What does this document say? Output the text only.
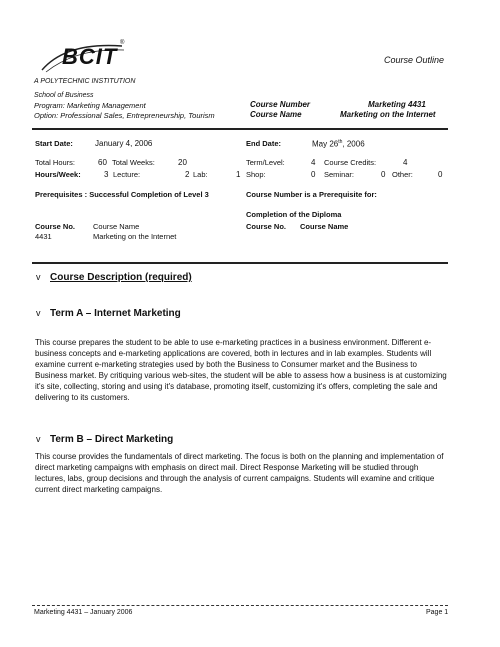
BCIT
®
A POLYTECHNIC INSTITUTION
Course Outline
School of Business
Program: Marketing Management
Option: Professional Sales, Entrepreneurship, Tourism
Course Number	Marketing 4431
Course Name	Marketing on the Internet
Start Date:	January 4, 2006	End Date:	May 26th, 2006
Total Hours:	60 Total Weeks:	20	Term/Level:	4 Course Credits:	4
Hours/Week:	3 Lecture:	2 Lab:	1 Shop:	0 Seminar:	0 Other:	0
Prerequisites : Successful Completion of Level 3	Course Number is a Prerequisite for:
Completion of the Diploma
Course No. Course Name
4431	Marketing on the Internet
Course No. Course Name
v Course Description (required)
v Term A – Internet Marketing
This course prepares the student to be able to use e-marketing practices in a business environment. Different e-business concepts and e-marketing applications are covered, both in lectures and in lab examples. Students will examine current e-marketing strategies used by both the Business to Consumer market and the Business to Business market. By critiquing various web-sites, the student will be able to assess how a business is at customizing it's site, collecting, storing and using it's database, promoting itself, customizing it's offers, completing the sale and delivering to its customers.
v Term B – Direct Marketing
This course provides the fundamentals of direct marketing. The focus is both on the planning and implementation of direct marketing campaigns with emphasis on direct mail. Direct Response Marketing will be studied through lectures, labs, group decisions and through the analysis of current campaigns. Students will examine and critique current direct marketing campaigns.
Marketing 4431 – January 2006	Page 1
